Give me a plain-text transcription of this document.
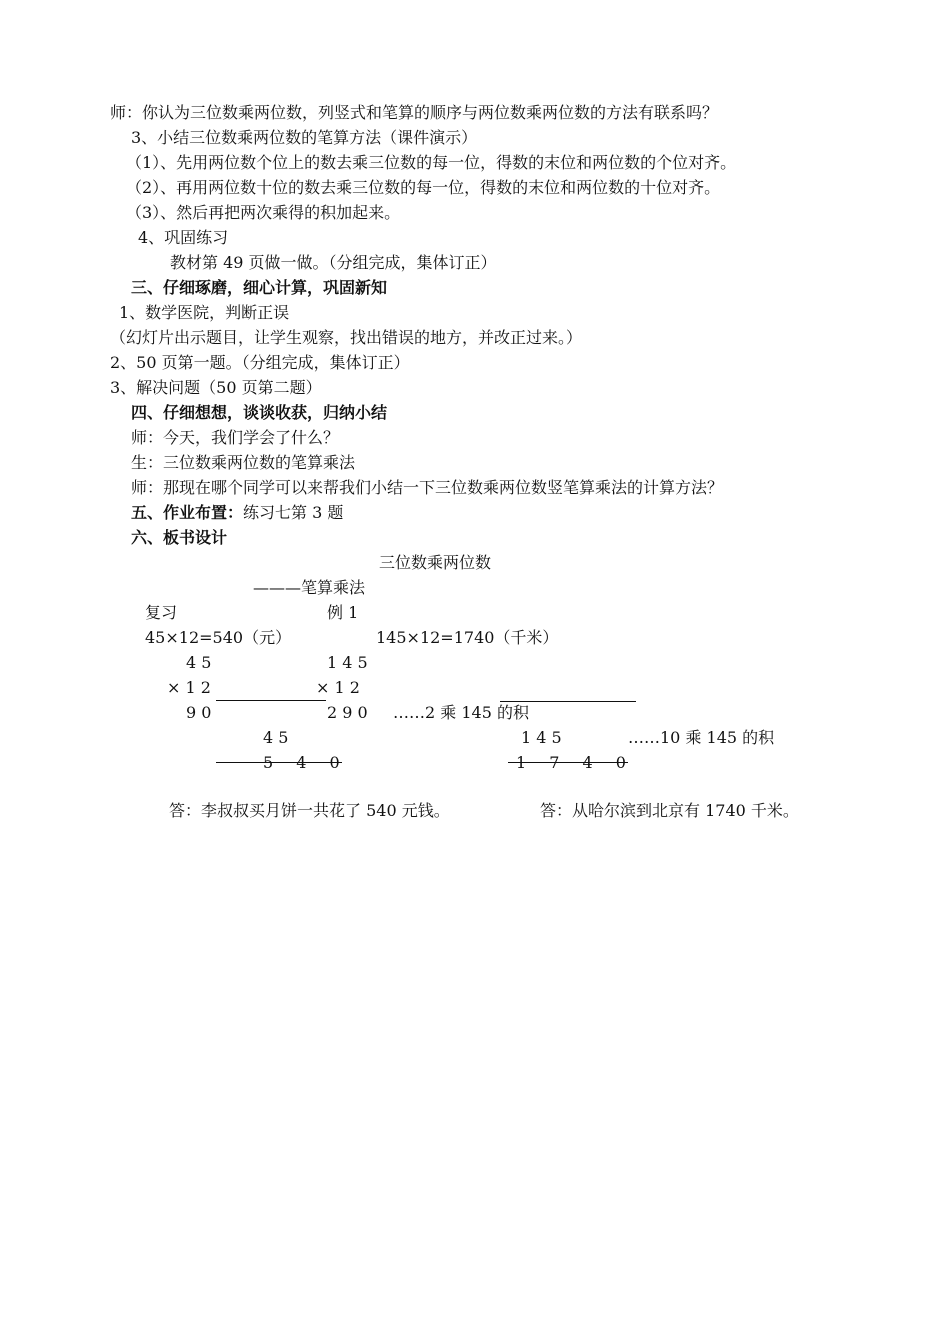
师：你认为三位数乘两位数，列竖式和笔算的顺序与两位数乘两位数的方法有联系吗？
3、小结三位数乘两位数的笔算方法（课件演示）
（1）、先用两位数个位上的数去乘三位数的每一位，得数的末位和两位数的个位对齐。
（2）、再用两位数十位的数去乘三位数的每一位，得数的末位和两位数的十位对齐。
（3）、然后再把两次乘得的积加起来。
4、巩固练习
教材第 49 页做一做。（分组完成，集体订正）
三、仔细琢磨，细心计算，巩固新知
1、数学医院，判断正误
（幻灯片出示题目，让学生观察，找出错误的地方，并改正过来。）
2、50 页第一题。（分组完成，集体订正）
3、解决问题（50 页第二题）
四、仔细想想，谈谈收获，归纳小结
师：今天，我们学会了什么？
生：三位数乘两位数的笔算乘法
师：那现在哪个同学可以来帮我们小结一下三位数乘两位数竖笔算乘法的计算方法？
五、作业布置：练习七第 3 题
六、板书设计
三位数乘两位数
———笔算乘法
复习	例 1
45×12=540（元）	145×12=1740（千米）
4 5
× 1 2
9 0
4 5
5 4 0
1 4 5
× 1 2
2 9 0
1 4 5
1 7 4 0
……2 乘 145 的积
……10 乘 145 的积
答：李叔叔买月饼一共花了 540 元钱。	答：从哈尔滨到北京有 1740 千米。
